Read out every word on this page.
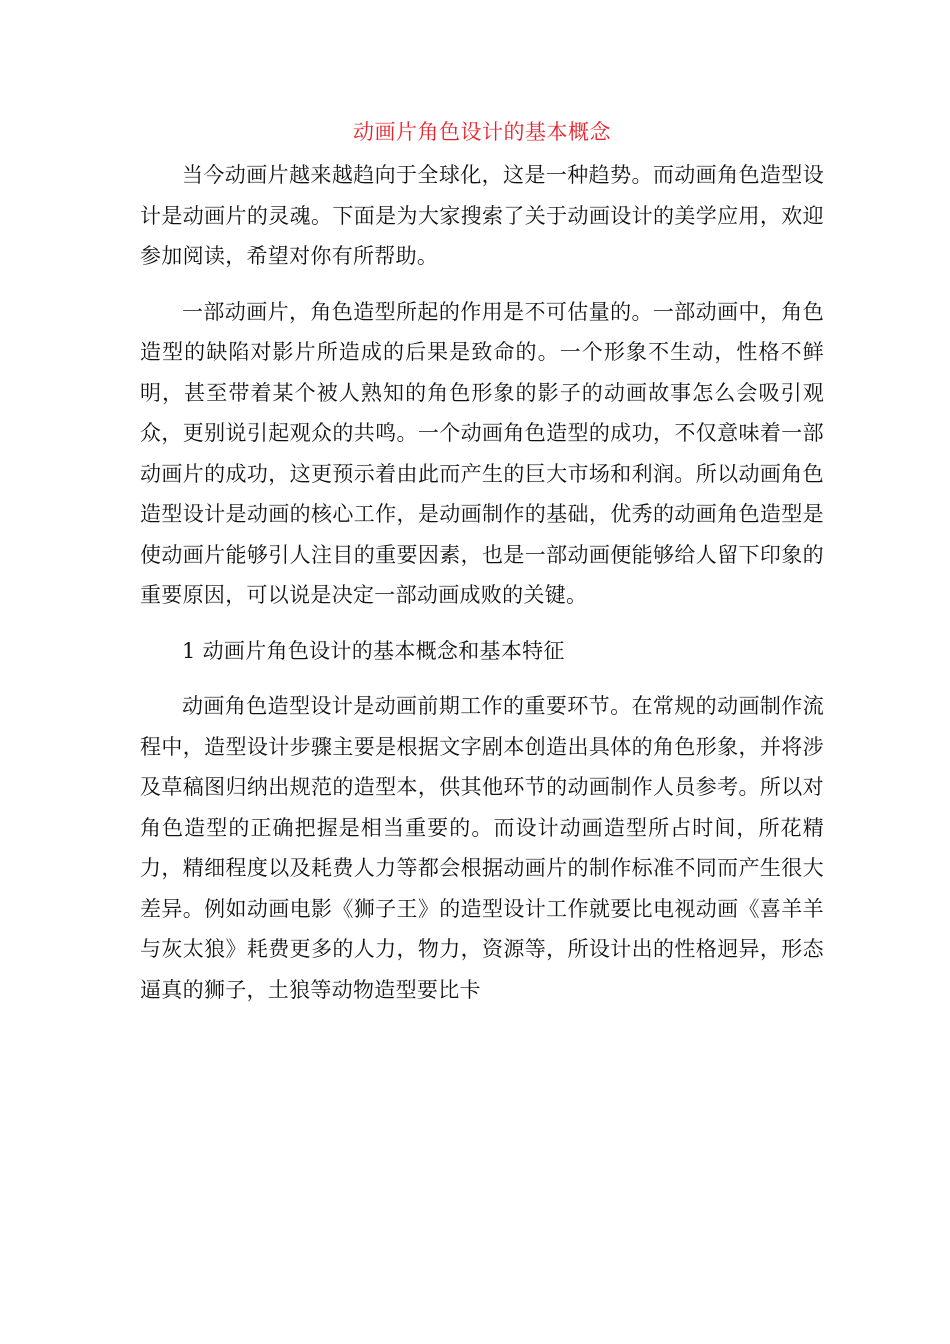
动画片角色设计的基本概念

当今动画片越来越趋向于全球化，这是一种趋势。而动画角色造型设计是动画片的灵魂。下面是为大家搜索了关于动画设计的美学应用，欢迎参加阅读，希望对你有所帮助。

一部动画片，角色造型所起的作用是不可估量的。一部动画中，角色造型的缺陷对影片所造成的后果是致命的。一个形象不生动，性格不鲜明，甚至带着某个被人熟知的角色形象的影子的动画故事怎么会吸引观众，更别说引起观众的共鸣。一个动画角色造型的成功，不仅意味着一部动画片的成功，这更预示着由此而产生的巨大市场和利润。所以动画角色造型设计是动画的核心工作，是动画制作的基础，优秀的动画角色造型是使动画片能够引人注目的重要因素，也是一部动画便能够给人留下印象的重要原因，可以说是决定一部动画成败的关键。

1 动画片角色设计的基本概念和基本特征

动画角色造型设计是动画前期工作的重要环节。在常规的动画制作流程中，造型设计步骤主要是根据文字剧本创造出具体的角色形象，并将涉及草稿图归纳出规范的造型本，供其他环节的动画制作人员参考。所以对角色造型的正确把握是相当重要的。而设计动画造型所占时间，所花精力，精细程度以及耗费人力等都会根据动画片的制作标准不同而产生很大差异。例如动画电影《狮子王》的造型设计工作就要比电视动画《喜羊羊与灰太狼》耗费更多的人力，物力，资源等，所设计出的性格迥异，形态逼真的狮子，土狼等动物造型要比卡
